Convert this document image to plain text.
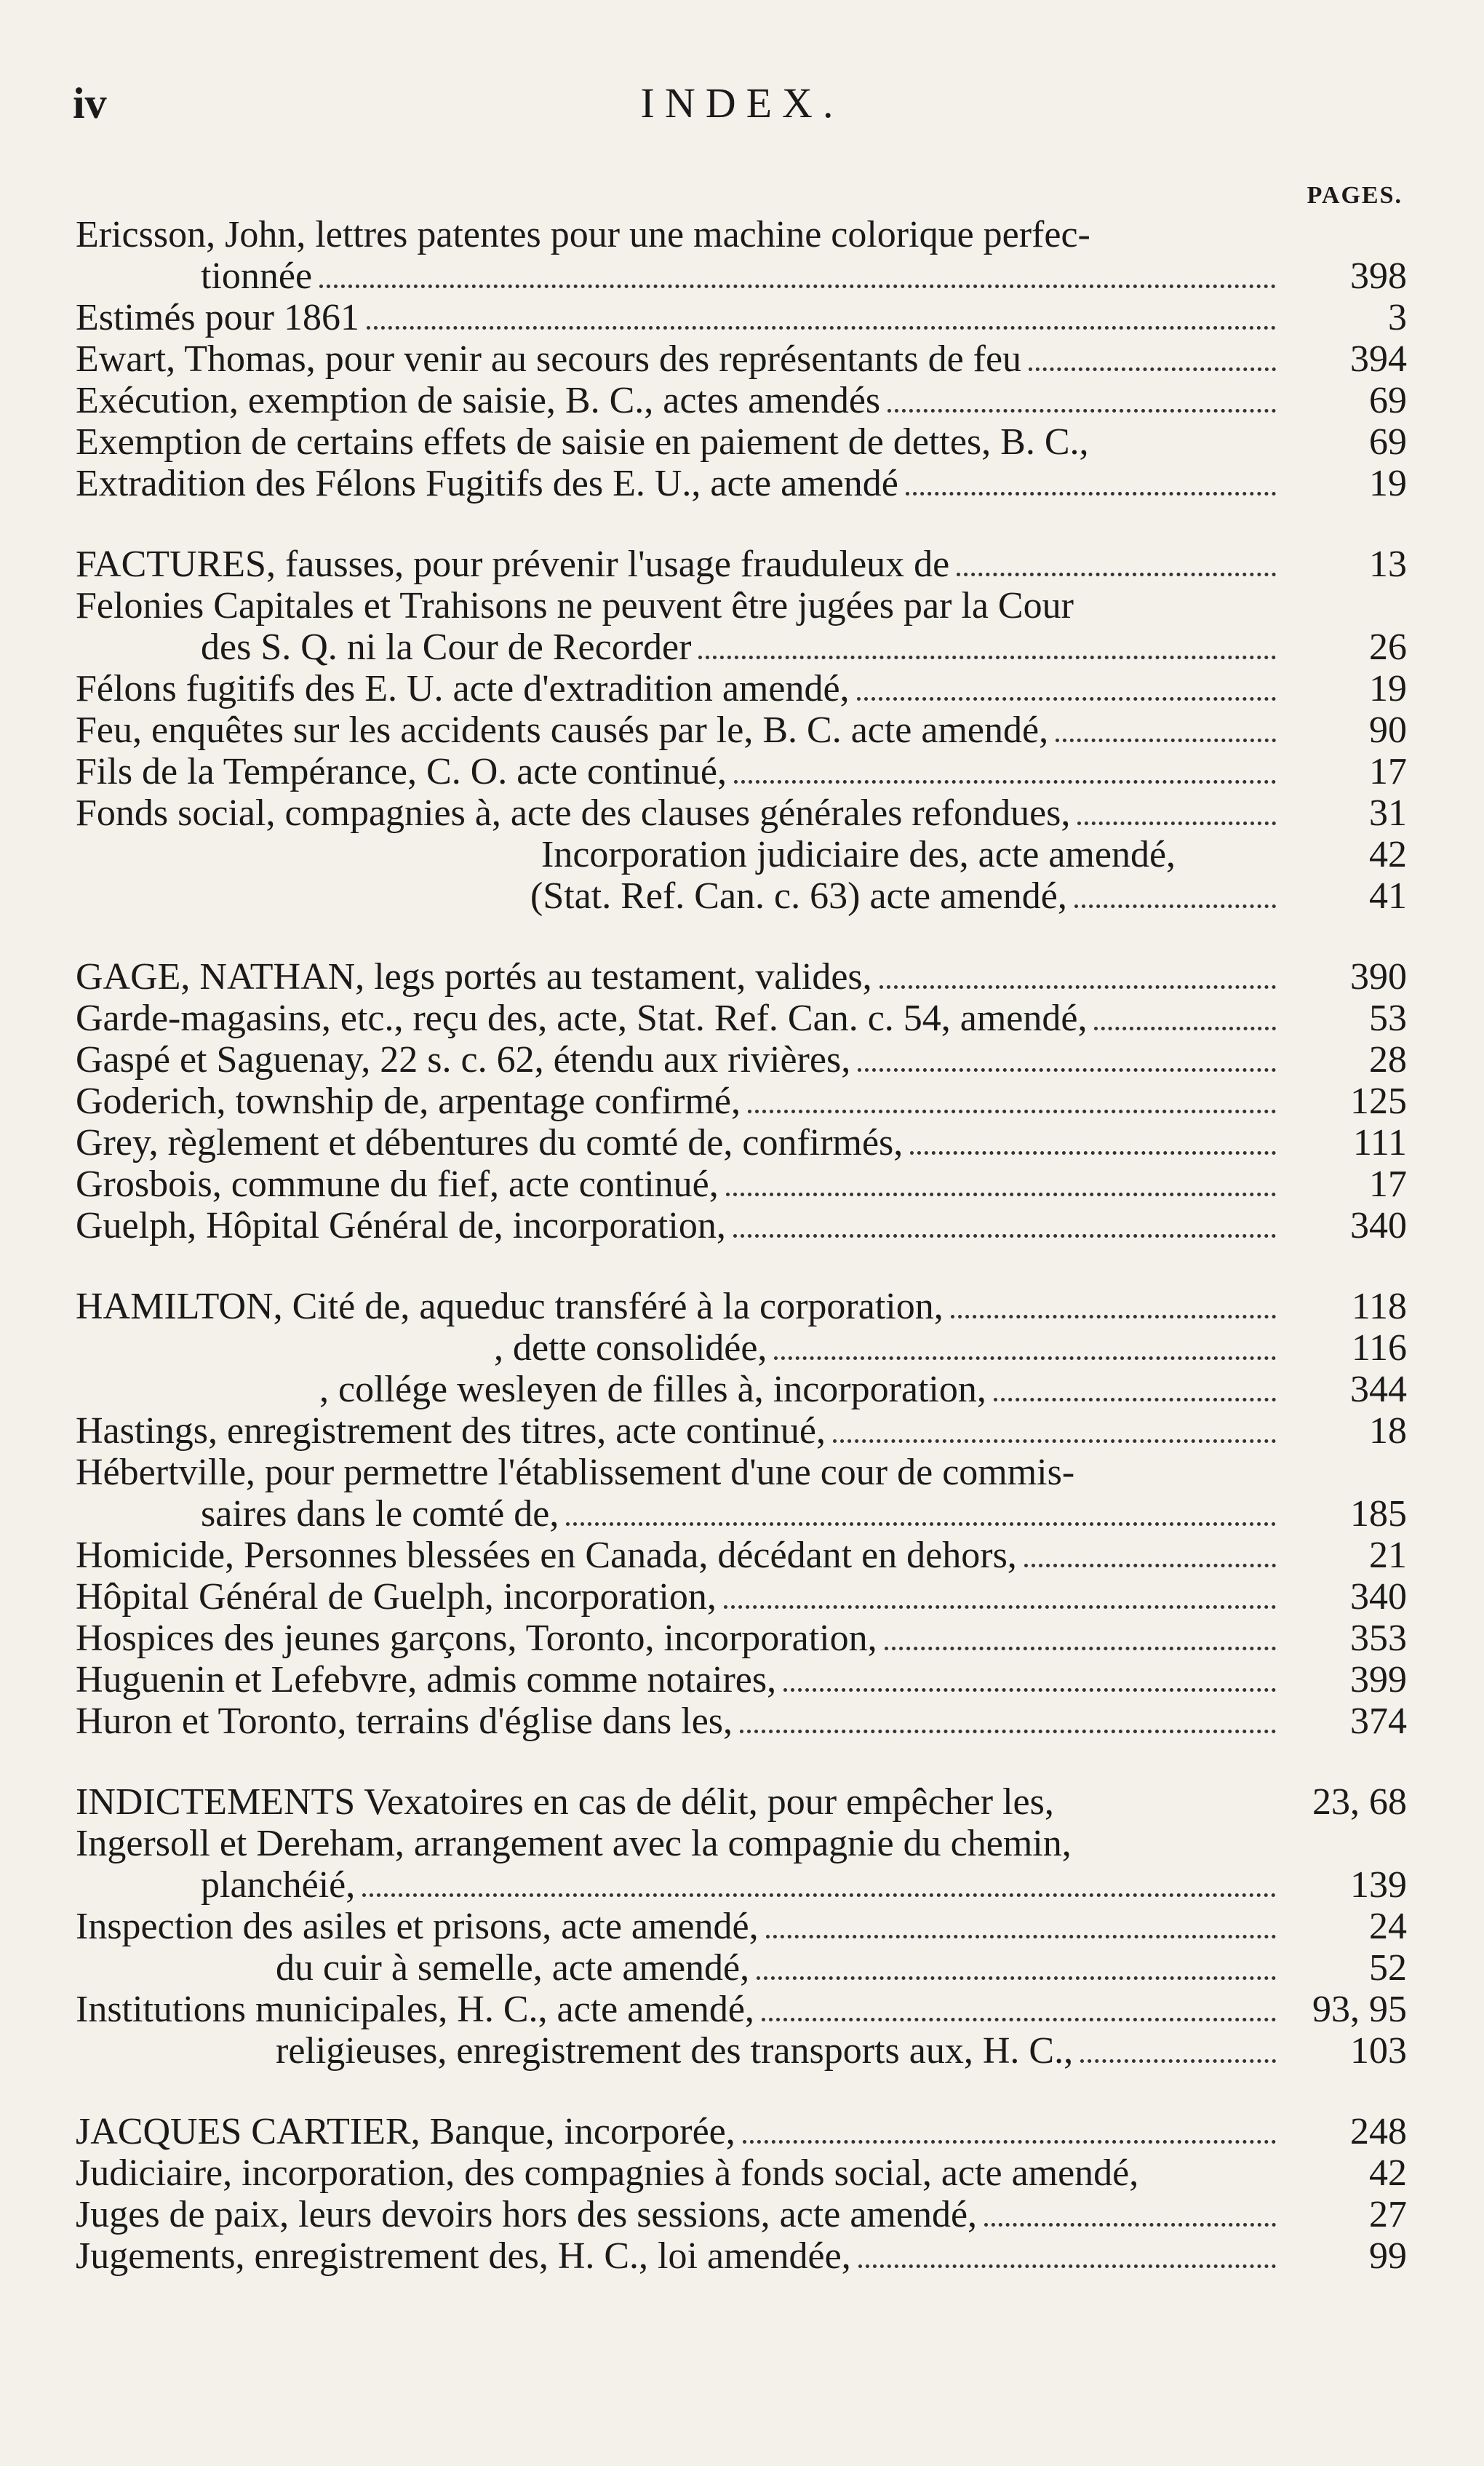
iv	INDEX.
PAGES.
Ericsson, John, lettres patentes pour une machine colorique perfec-
tionnée	398
Estimés pour 1861	3
Ewart, Thomas, pour venir au secours des représentants de feu	394
Exécution, exemption de saisie, B. C., actes amendés	69
Exemption de certains effets de saisie en paiement de dettes, B. C.,	69
Extradition des Félons Fugitifs des E. U., acte amendé	19
FACTURES, fausses, pour prévenir l'usage frauduleux de	13
Felonies Capitales et Trahisons ne peuvent être jugées par la Cour
des S. Q. ni la Cour de Recorder	26
Félons fugitifs des E. U. acte d'extradition amendé,	19
Feu, enquêtes sur les accidents causés par le, B. C. acte amendé,	90
Fils de la Tempérance, C. O. acte continué,	17
Fonds social, compagnies à, acte des clauses générales refondues,	31
Incorporation judiciaire des, acte amendé,	42
(Stat. Ref. Can. c. 63) acte amendé,	41
GAGE, NATHAN, legs portés au testament, valides,	390
Garde-magasins, etc., reçu des, acte, Stat. Ref. Can. c. 54, amendé,	53
Gaspé et Saguenay, 22 s. c. 62, étendu aux rivières,	28
Goderich, township de, arpentage confirmé,	125
Grey, règlement et débentures du comté de, confirmés,	111
Grosbois, commune du fief, acte continué,	17
Guelph, Hôpital Général de, incorporation,	340
HAMILTON, Cité de, aqueduc transféré à la corporation,	118
, dette consolidée,	116
, collége wesleyen de filles à, incorporation,	344
Hastings, enregistrement des titres, acte continué,	18
Hébertville, pour permettre l'établissement d'une cour de commis-
saires dans le comté de,	185
Homicide, Personnes blessées en Canada, décédant en dehors,	21
Hôpital Général de Guelph, incorporation,	340
Hospices des jeunes garçons, Toronto, incorporation,	353
Huguenin et Lefebvre, admis comme notaires,	399
Huron et Toronto, terrains d'église dans les,	374
INDICTEMENTS Vexatoires en cas de délit, pour empêcher les,	23, 68
Ingersoll et Dereham, arrangement avec la compagnie du chemin,
planchéié,	139
Inspection des asiles et prisons, acte amendé,	24
du cuir à semelle, acte amendé,	52
Institutions municipales, H. C., acte amendé,	93, 95
religieuses, enregistrement des transports aux, H. C.,	103
JACQUES CARTIER, Banque, incorporée,	248
Judiciaire, incorporation, des compagnies à fonds social, acte amendé,	42
Juges de paix, leurs devoirs hors des sessions, acte amendé,	27
Jugements, enregistrement des, H. C., loi amendée,	99
